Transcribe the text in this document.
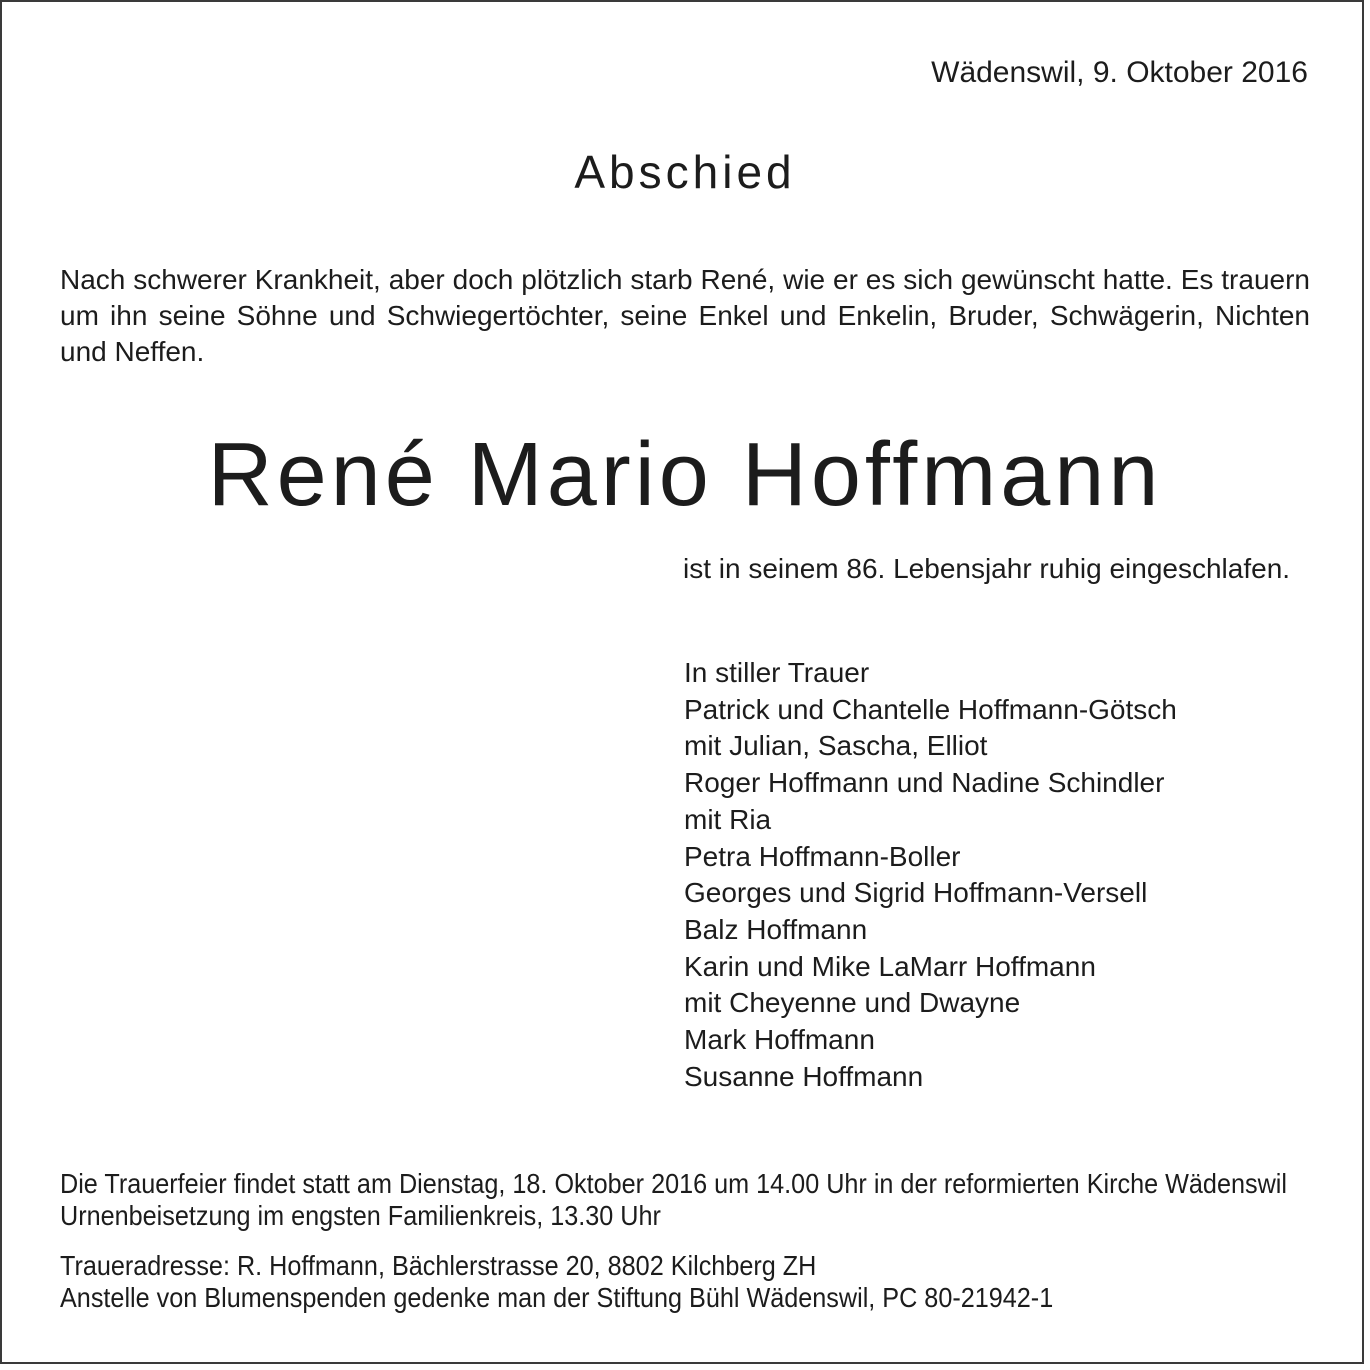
Wädenswil, 9. Oktober 2016
Abschied
Nach schwerer Krankheit, aber doch plötzlich starb René, wie er es sich gewünscht hatte. Es trauern um ihn seine Söhne und Schwiegertöchter, seine Enkel und Enkelin, Bruder, Schwägerin, Nichten und Neffen.
René Mario Hoffmann
ist in seinem 86. Lebensjahr ruhig eingeschlafen.
In stiller Trauer
Patrick und Chantelle Hoffmann-Götsch
mit Julian, Sascha, Elliot
Roger Hoffmann und Nadine Schindler
mit Ria
Petra Hoffmann-Boller
Georges und Sigrid Hoffmann-Versell
Balz Hoffmann
Karin und Mike LaMarr Hoffmann
mit Cheyenne und Dwayne
Mark Hoffmann
Susanne Hoffmann
Die Trauerfeier findet statt am Dienstag, 18. Oktober 2016 um 14.00 Uhr in der reformierten Kirche Wädenswil
Urnenbeisetzung im engsten Familienkreis, 13.30 Uhr
Traueradresse: R. Hoffmann, Bächlerstrasse 20, 8802 Kilchberg ZH
Anstelle von Blumenspenden gedenke man der Stiftung Bühl Wädenswil, PC 80-21942-1
